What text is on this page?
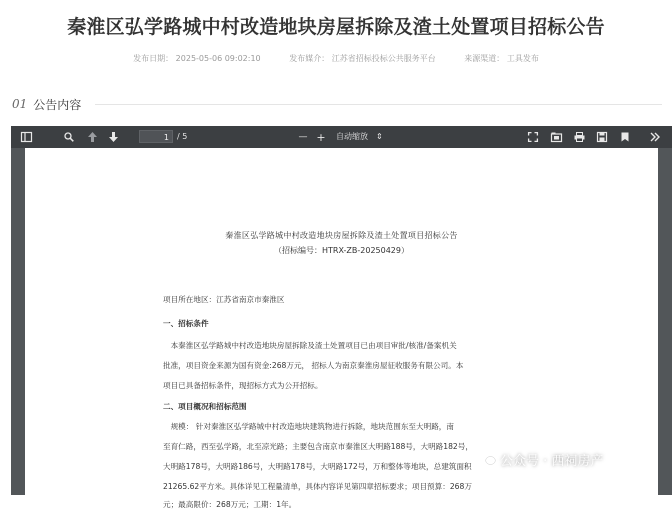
秦淮区弘学路城中村改造地块房屋拆除及渣土处置项目招标公告
发布日期： 2025-05-06 09:02:10	发布媒介： 江苏省招标投标公共服务平台	来源渠道： 工具发布
01 公告内容
1	/ 5	— + 自动缩放 ⇕
秦淮区弘学路城中村改造地块房屋拆除及渣土处置项目招标公告
（招标编号：HTRX-ZB-20250429）
项目所在地区：江苏省南京市秦淮区
一、招标条件
　本秦淮区弘学路城中村改造地块房屋拆除及渣土处置项目已由项目审批/核准/备案机关
批准，项目资金来源为国有资金:268万元， 招标人为南京秦淮房屋征收服务有限公司。本
项目已具备招标条件，现招标方式为公开招标。
二、项目概况和招标范围
　规模： 针对秦淮区弘学路城中村改造地块建筑物进行拆除，地块范围东至大明路，南
至育仁路，西至弘学路，北至凉光路；主要包含南京市秦淮区大明路188号，大明路182号，
大明路178号，大明路186号，大明路178号，大明路172号，万和整体等地块，总建筑面积
21265.62平方米。具体详见工程量清单，具体内容详见第四章招标要求；项目预算：268万
元；最高限价：268万元；工期：1年。
公众号 · 西祠房产
